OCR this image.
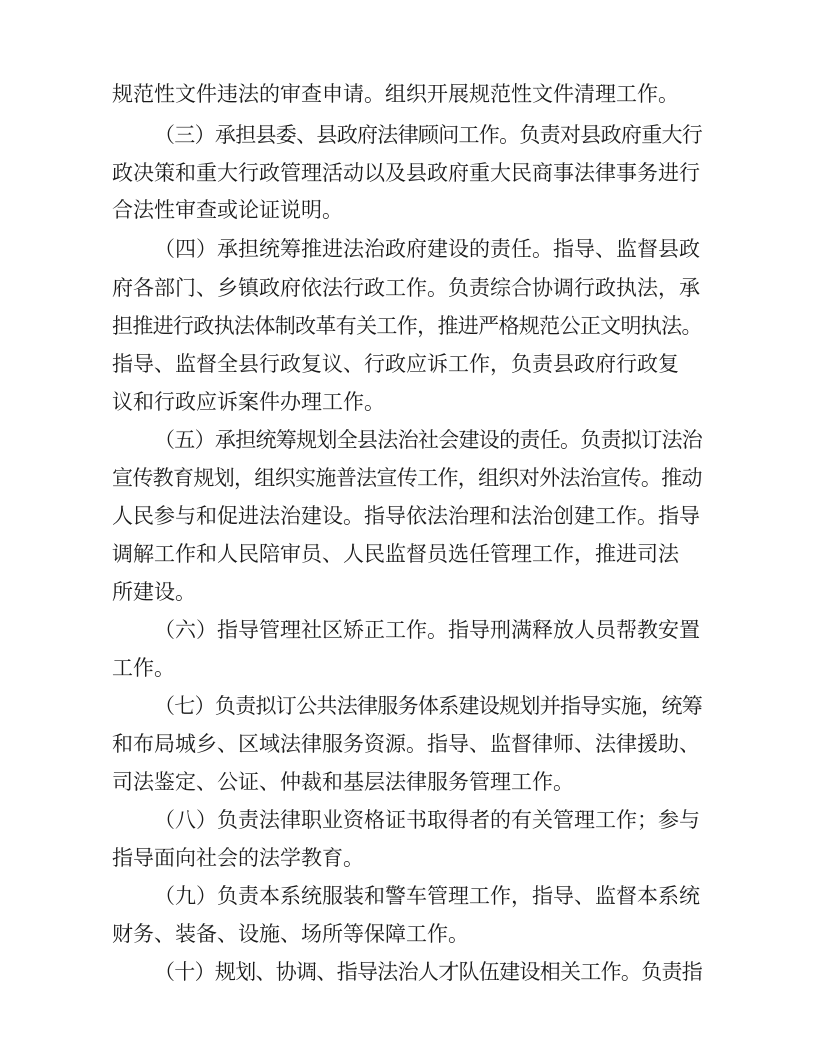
规范性文件违法的审查申请。组织开展规范性文件清理工作。
（三）承担县委、县政府法律顾问工作。负责对县政府重大行
政决策和重大行政管理活动以及县政府重大民商事法律事务进行
合法性审查或论证说明。
（四）承担统筹推进法治政府建设的责任。指导、监督县政
府各部门、乡镇政府依法行政工作。负责综合协调行政执法，承
担推进行政执法体制改革有关工作，推进严格规范公正文明执法。
指导、监督全县行政复议、行政应诉工作，负责县政府行政复
议和行政应诉案件办理工作。
（五）承担统筹规划全县法治社会建设的责任。负责拟订法治
宣传教育规划，组织实施普法宣传工作，组织对外法治宣传。推动
人民参与和促进法治建设。指导依法治理和法治创建工作。指导
调解工作和人民陪审员、人民监督员选任管理工作，推进司法
所建设。
（六）指导管理社区矫正工作。指导刑满释放人员帮教安置
工作。
（七）负责拟订公共法律服务体系建设规划并指导实施，统筹
和布局城乡、区域法律服务资源。指导、监督律师、法律援助、
司法鉴定、公证、仲裁和基层法律服务管理工作。
（八）负责法律职业资格证书取得者的有关管理工作；参与
指导面向社会的法学教育。
（九）负责本系统服装和警车管理工作，指导、监督本系统
财务、装备、设施、场所等保障工作。
（十）规划、协调、指导法治人才队伍建设相关工作。负责指
